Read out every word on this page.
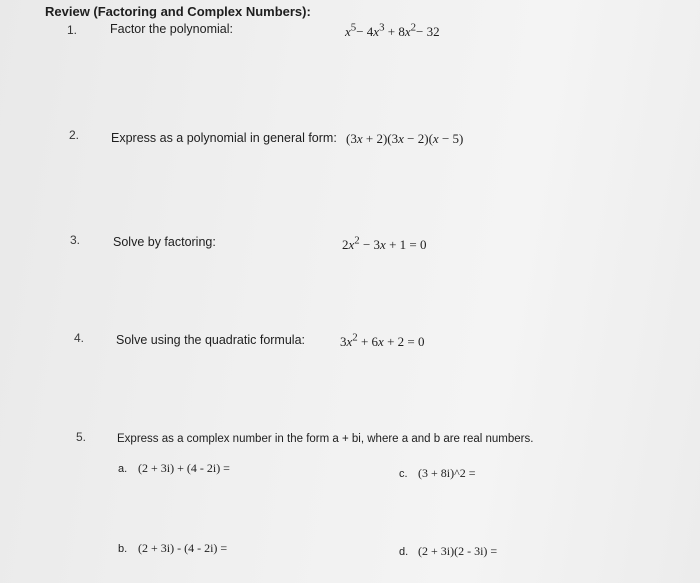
Review (Factoring and Complex Numbers):
1.	Factor the polynomial:	$x^5- 4x^3 + 8x^2- 32$
2.	Express as a polynomial in general form: (3x + 2)(3x − 2)(x − 5)
3.	Solve by factoring:	$2x^2 - 3x + 1 = 0$
4.	Solve using the quadratic formula:	$3x^2 + 6x + 2 = 0$
5.	Express as a complex number in the form a + bi, where a and b are real numbers.
a. (2 + 3i) + (4 - 2i) =	c. (3 + 8i)^2 =
b. (2 + 3i) - (4 - 2i) =	d. (2 + 3i)(2 - 3i) =
